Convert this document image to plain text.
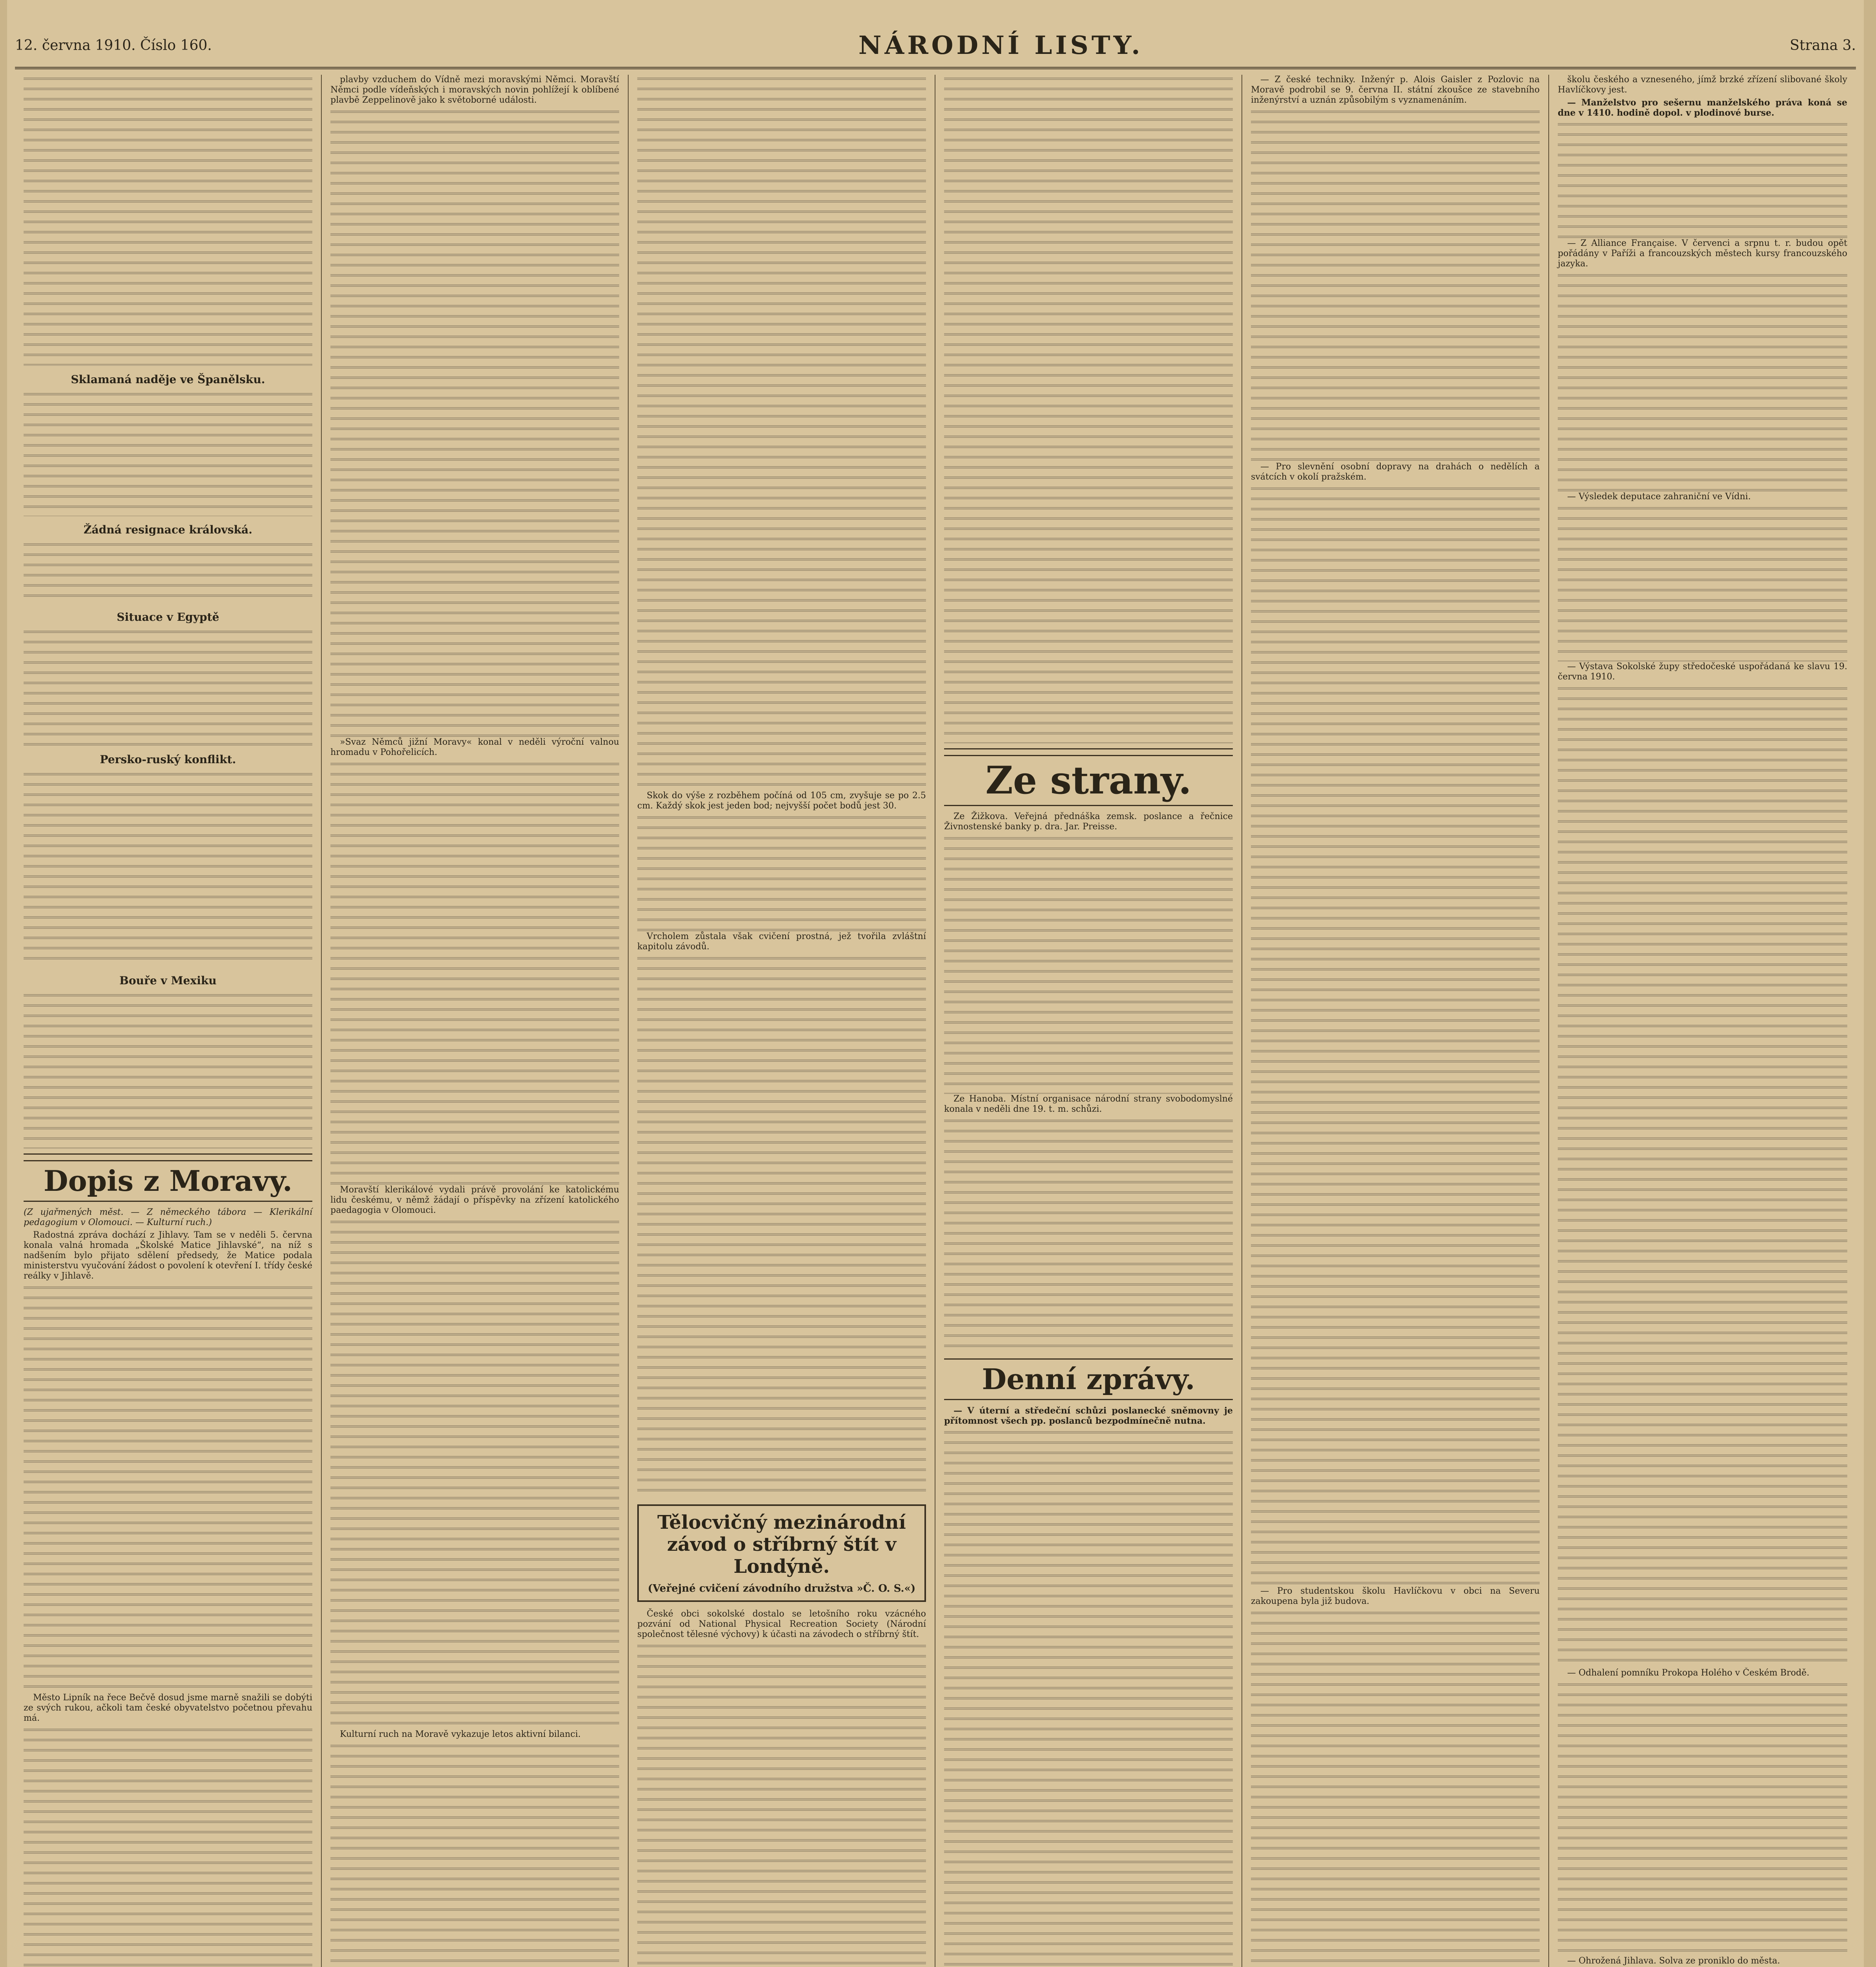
12. června 1910. Číslo 160.	NÁRODNÍ LISTY.	Strana 3.
Sklamaná naděje ve Španělsku.
Žádná resignace královská.
Situace v Egyptě
Persko-ruský konflikt.
Bouře v Mexiku
Dopis z Moravy.

(Z ujařmených měst. — Z německého tábora — Klerikální pedagogium v Olomouci. — Kulturní ruch.)

Radostná zpráva dochází z Jihlavy. Tam se v neděli 5. června konala valná hromada „Školské Matice Jihlavské“, na níž s nadšením bylo přijato sdělení předsedy, že Matice podala ministerstvu vyučování žádost o povolení k otevření I. třídy české reálky v Jihlavě.

Město Lipník na řece Bečvě dosud jsme marně snažili se dobýti ze svých rukou, ačkoli tam české obyvatelstvo početnou převahu má.

plavby vzduchem do Vídně mezi moravskými Němci. Moravští Němci podle vídeňských i moravských novin pohlížejí k oblíbené plavbě Zeppelinově jako k světoborné události.

»Svaz Němců jižní Moravy« konal v neděli výroční valnou hromadu v Pohořelicích.

Moravští klerikálové vydali právě provolání ke katolickému lidu českému, v němž žádají o příspěvky na zřízení katolického paedagogia v Olomouci.

Kulturní ruch na Moravě vykazuje letos aktivní bilanci.

Skok do výše z rozběhem počíná od 105 cm, zvyšuje se po 2.5 cm. Každý skok jest jeden bod; nejvyšší počet bodů jest 30.

Vrcholem zůstala však cvičení prostná, jež tvořila zvláštní kapitolu závodů.

Tělocvičný mezinárodní závod o stříbrný štít v Londýně.
(Veřejné cvičení závodního družstva »Č. O. S.«)

České obci sokolské dostalo se letošního roku vzácného pozvání od National Physical Recreation Society (Národní společnost tělesné výchovy) k účasti na závodech o stříbrný štít.

Ze strany.

Ze Žižkova. Veřejná přednáška zemsk. poslance a řečnice Živnostenské banky p. dra. Jar. Preisse.

Ze Hanoba. Místní organisace národní strany svobodomyslné konala v neděli dne 19. t. m. schůzi.

Denní zprávy.

— V úterní a středeční schůzi poslanecké sněmovny je přítomnost všech pp. poslanců bezpodmínečně nutna.

— Z české techniky. Inženýr p. Alois Gaisler z Pozlovic na Moravě podrobil se 9. června II. státní zkoušce ze stavebního inženýrství a uznán způsobilým s vyznamenáním.

— Pro slevnění osobní dopravy na drahách o nedělích a svátcích v okolí pražském.

— Pro studentskou školu Havlíčkovu v obci na Severu zakoupena byla již budova.

školu českého a vzneseného, jímž brzké zřízení slibované školy Havlíčkovy jest.

— Manželstvo pro sešernu manželského práva koná se dne v 1410. hodině dopol. v plodinové burse.

— Z Alliance Française. V červenci a srpnu t. r. budou opět pořádány v Paříži a francouzských městech kursy francouzského jazyka.

— Výsledek deputace zahraniční ve Vídni.

— Výstava Sokolské župy středočeské uspořádaná ke slavu 19. června 1910.

— Odhalení pomníku Prokopa Holého v Českém Brodě.

— Ohrožená Jihlava. Solva ze proniklo do města.
